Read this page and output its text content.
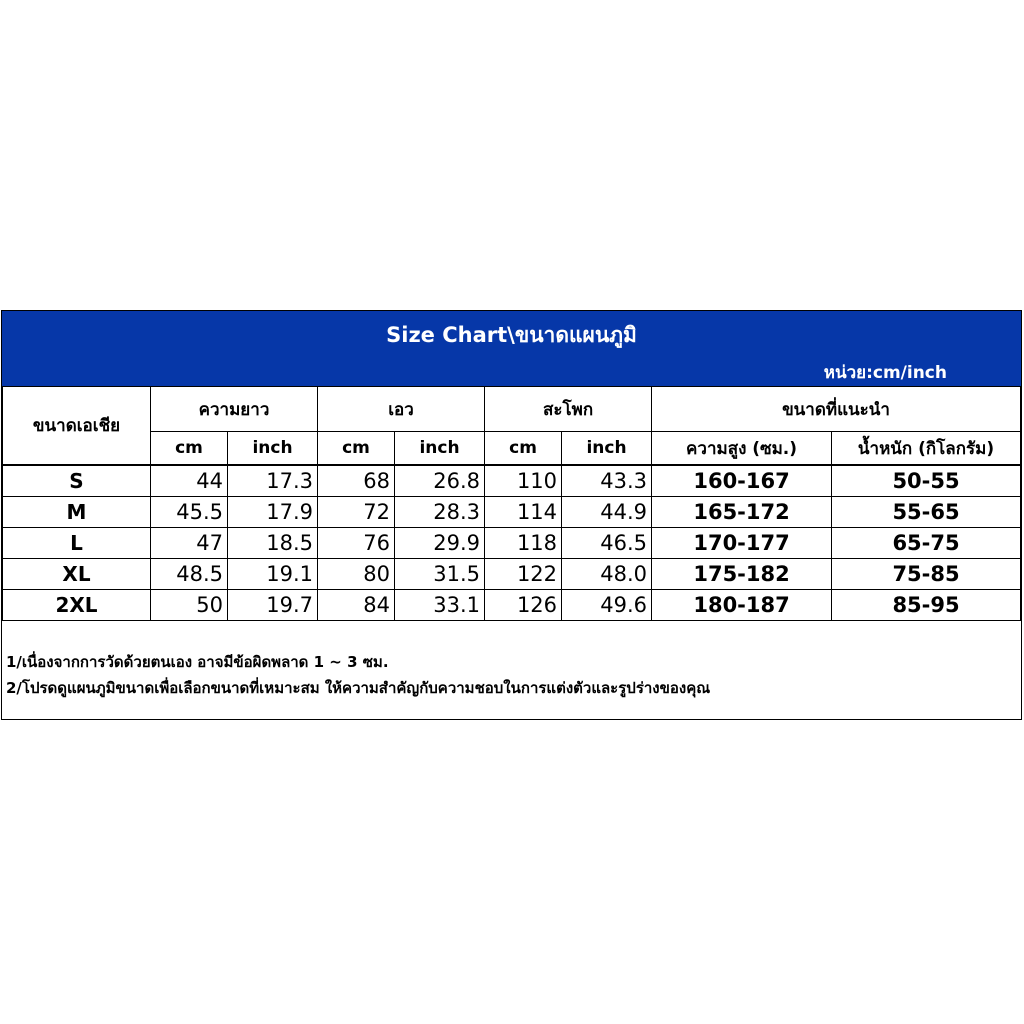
Size Chart\ขนาดแผนภูมิ
หน่วย:cm/inch
ขนาดเอเชีย	ความยาว		เอว		สะโพก		ขนาดที่แนะนำ	
	cm	inch	cm	inch	cm	inch	ความสูง (ซม.)	น้ำหนัก (กิโลกรัม)
S	44	17.3	68	26.8	110	43.3	160-167	50-55
M	45.5	17.9	72	28.3	114	44.9	165-172	55-65
L	47	18.5	76	29.9	118	46.5	170-177	65-75
XL	48.5	19.1	80	31.5	122	48.0	175-182	75-85
2XL	50	19.7	84	33.1	126	49.6	180-187	85-95
1/เนื่องจากการวัดด้วยตนเอง อาจมีข้อผิดพลาด 1 ~ 3 ซม.
2/โปรดดูแผนภูมิขนาดเพื่อเลือกขนาดที่เหมาะสม ให้ความสำคัญกับความชอบในการแต่งตัวและรูปร่างของคุณ
